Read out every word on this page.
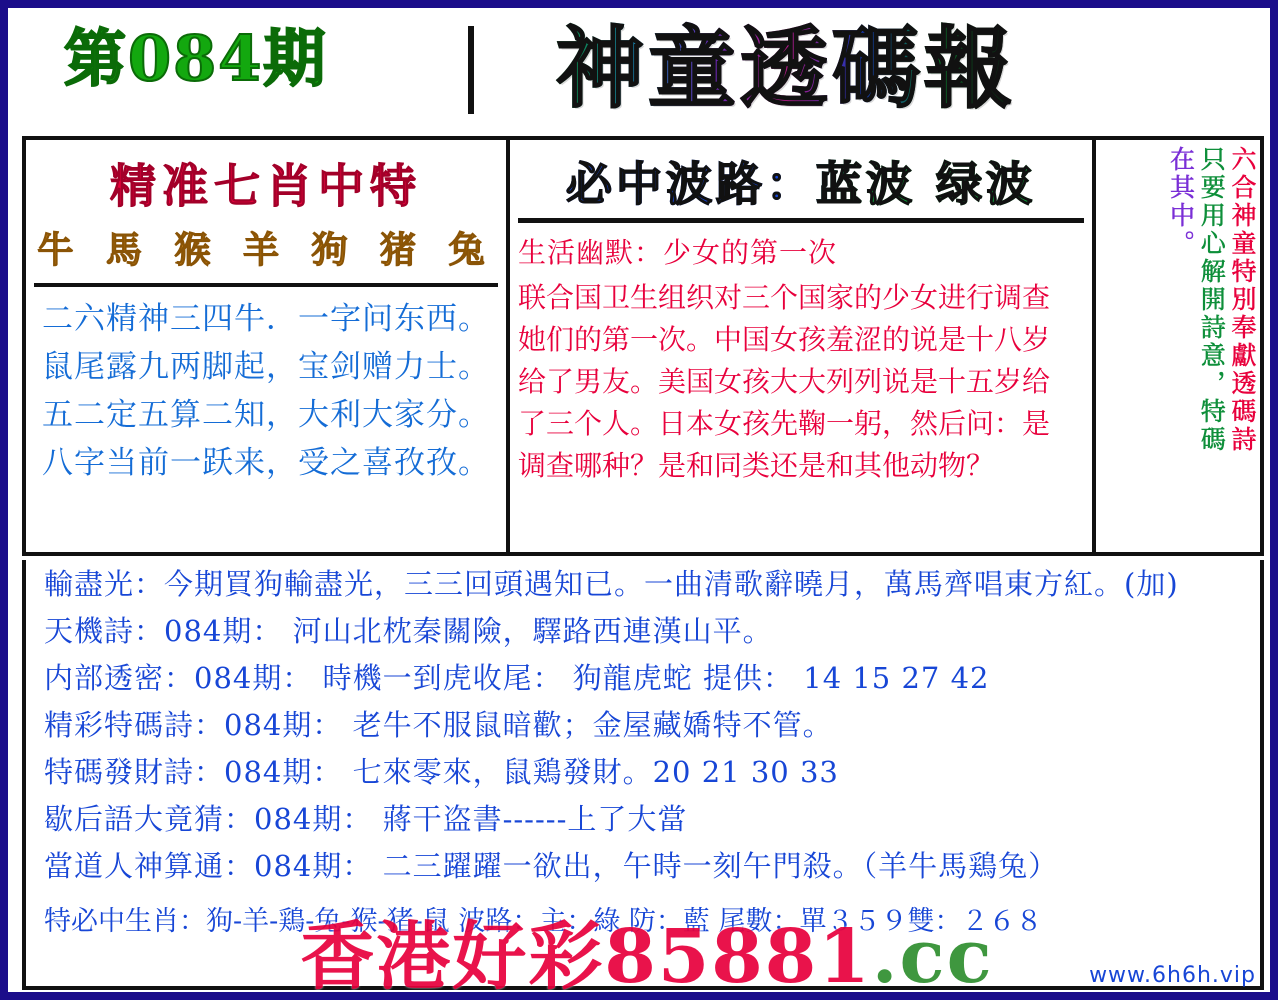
第084期	神童透碼報
精准七肖中特
牛 馬 猴 羊 狗 猪 兔
二六精神三四牛．一字问东西。
鼠尾露九两脚起，宝剑赠力士。
五二定五算二知，大利大家分。
八字当前一跃来，受之喜孜孜。
必中波路：蓝波 绿波
生活幽默：少女的第一次
联合国卫生组织对三个国家的少女进行调查
她们的第一次。中国女孩羞涩的说是十八岁
给了男友。美国女孩大大列列说是十五岁给
了三个人。日本女孩先鞠一躬，然后问：是
调查哪种？是和同类还是和其他动物？
六合神童特別奉獻透碼詩
只要用心解開詩意，特碼
在其中。
輸盡光：今期買狗輸盡光，三三回頭遇知已。一曲清歌辭曉月，萬馬齊唱東方紅。(加)
天機詩：084期： 河山北枕秦關險，驛路西連漢山平。
内部透密：084期： 時機一到虎收尾： 狗龍虎蛇 提供： 14 15 27 42
精彩特碼詩：084期： 老牛不服鼠暗歡；金屋藏嬌特不管。
特碼發財詩：084期： 七來零來，鼠鶏發財。20 21 30 33
歇后語大竟猜：084期： 蔣干盗書------上了大當
當道人神算通：084期： 二三躍躍一欲出，午時一刻午門殺。（羊牛馬鶏兔）
特必中生肖：狗-羊-鶏-兔-猴-猪-鼠 波路：主：綠 防：藍 尾數：單３５９雙：２６８
香港好彩85881.cc	www.6h6h.vip
